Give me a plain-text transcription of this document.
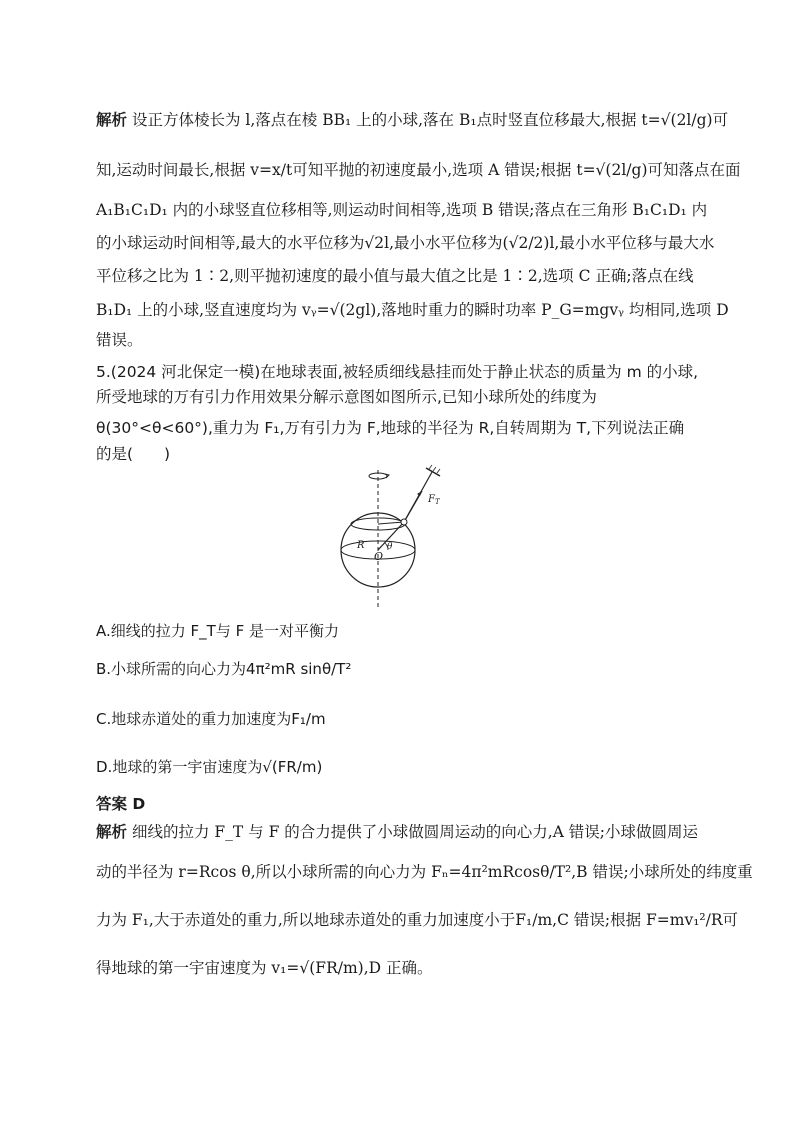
解析 设正方体棱长为 l,落点在棱 BB₁ 上的小球,落在 B₁点时竖直位移最大,根据 t=√(2l/g)可
知,运动时间最长,根据 v=x/t可知平抛的初速度最小,选项 A 错误;根据 t=√(2l/g)可知落点在面
A₁B₁C₁D₁ 内的小球竖直位移相等,则运动时间相等,选项 B 错误;落点在三角形 B₁C₁D₁ 内
的小球运动时间相等,最大的水平位移为√2l,最小水平位移为(√2/2)l,最小水平位移与最大水
平位移之比为 1∶2,则平抛初速度的最小值与最大值之比是 1∶2,选项 C 正确;落点在线
B₁D₁ 上的小球,竖直速度均为 vᵧ=√(2gl),落地时重力的瞬时功率 P_G=mgvᵧ 均相同,选项 D
错误。
5.(2024 河北保定一模)在地球表面,被轻质细线悬挂而处于静止状态的质量为 m 的小球,
所受地球的万有引力作用效果分解示意图如图所示,已知小球所处的纬度为
θ(30°<θ<60°),重力为 F₁,万有引力为 F,地球的半径为 R,自转周期为 T,下列说法正确
的是(　　)
$F_T$
R
O
θ
A.细线的拉力 F_T与 F 是一对平衡力
B.小球所需的向心力为4π²mR sinθ/T²
C.地球赤道处的重力加速度为F₁/m
D.地球的第一宇宙速度为√(FR/m)
答案 D
解析 细线的拉力 F_T 与 F 的合力提供了小球做圆周运动的向心力,A 错误;小球做圆周运
动的半径为 r=Rcos θ,所以小球所需的向心力为 Fₙ=4π²mRcosθ/T²,B 错误;小球所处的纬度重
力为 F₁,大于赤道处的重力,所以地球赤道处的重力加速度小于F₁/m,C 错误;根据 F=mv₁²/R可
得地球的第一宇宙速度为 v₁=√(FR/m),D 正确。
